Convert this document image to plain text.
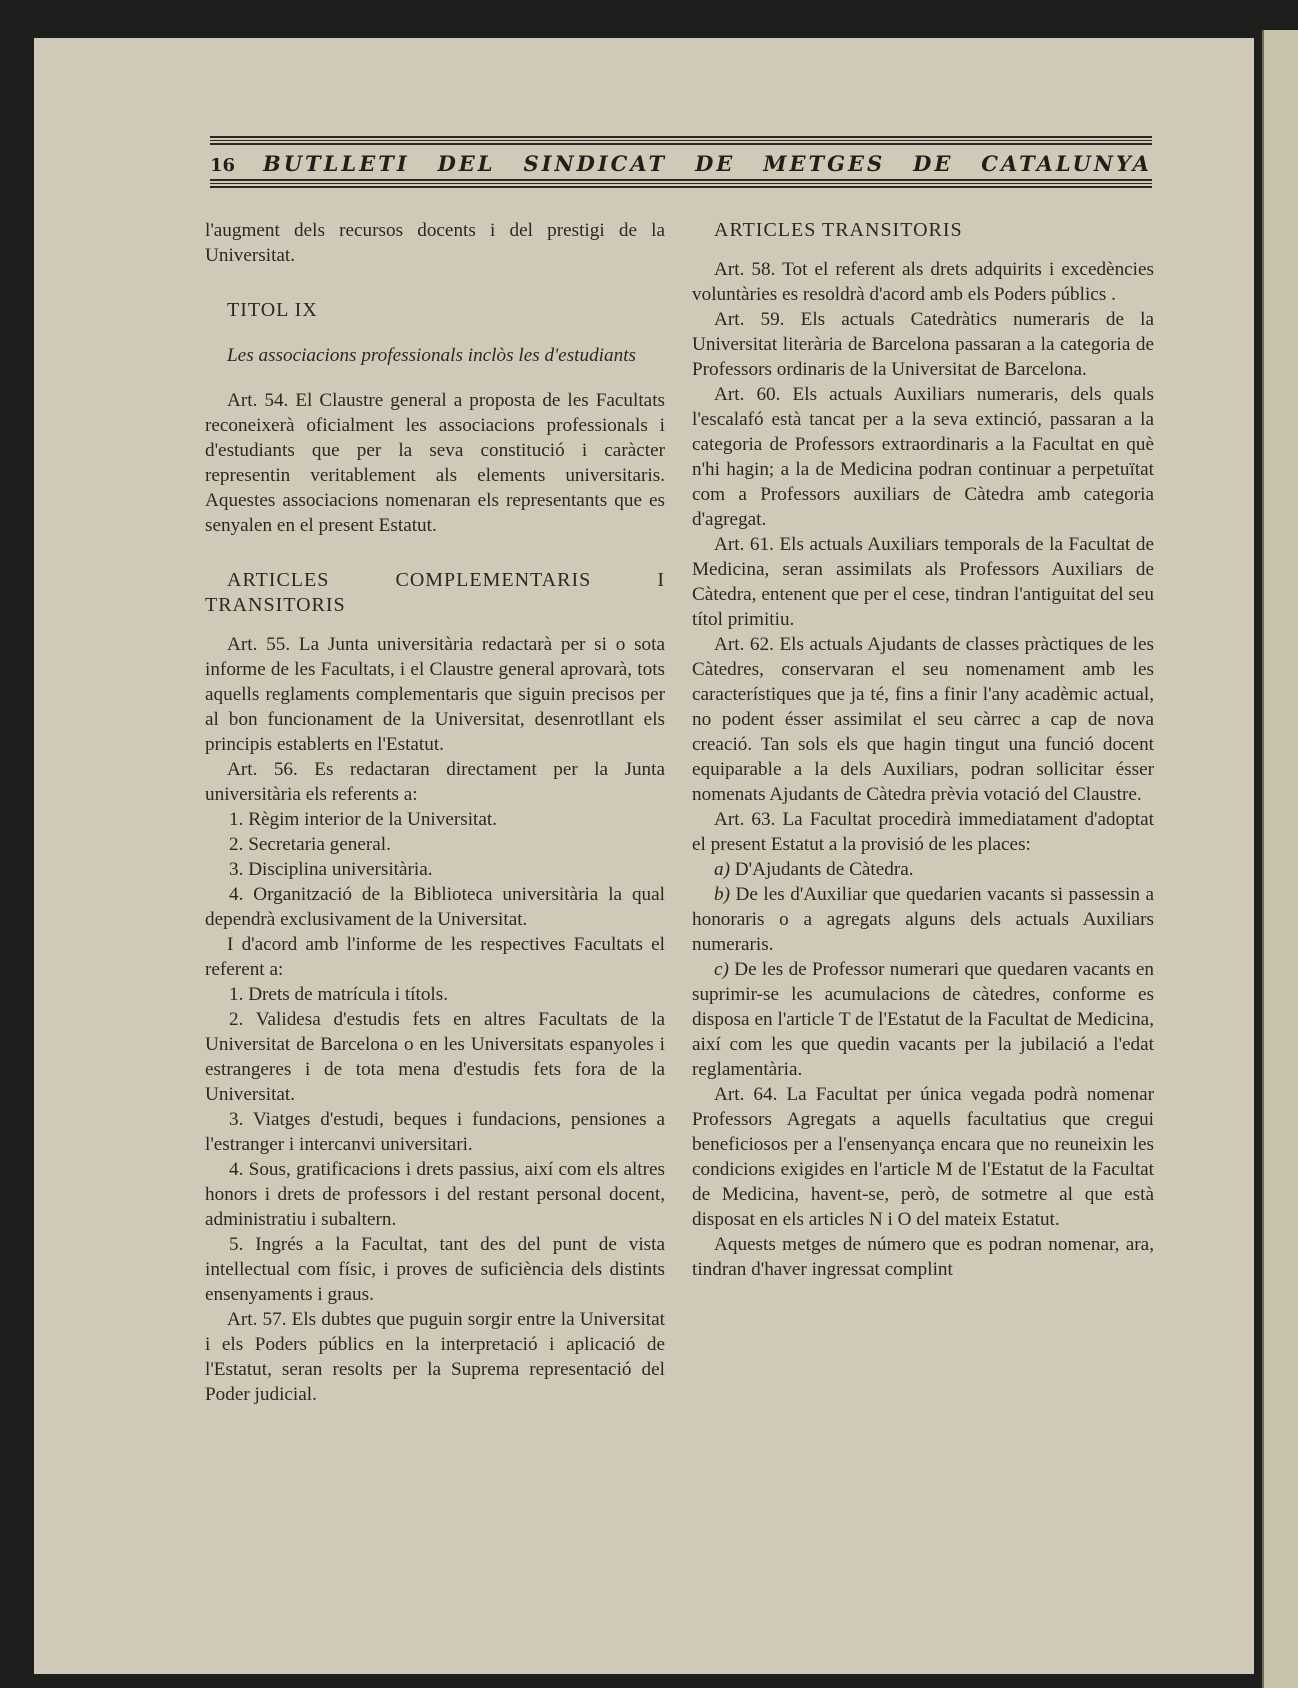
16 BUTLLETI DEL SINDICAT DE METGES DE CATALUNYA

l'augment dels recursos docents i del prestigi de la Universitat.

TITOL IX

Les associacions professionals inclòs les d'estudiants

Art. 54. El Claustre general a proposta de les Facultats reconeixerà oficialment les associacions professionals i d'estudiants que per la seva constitució i caràcter representin veritablement als elements universitaris. Aquestes associacions nomenaran els representants que es senyalen en el present Estatut.

ARTICLES COMPLEMENTARIS I TRANSITORIS

Art. 55. La Junta universitària redactarà per si o sota informe de les Facultats, i el Claustre general aprovarà, tots aquells reglaments complementaris que siguin precisos per al bon funcionament de la Universitat, desenrotllant els principis establerts en l'Estatut.

Art. 56. Es redactaran directament per la Junta universitària els referents a:

1. Règim interior de la Universitat.

2. Secretaria general.

3. Disciplina universitària.

4. Organització de la Biblioteca universitària la qual dependrà exclusivament de la Universitat.

I d'acord amb l'informe de les respectives Facultats el referent a:

1. Drets de matrícula i títols.

2. Validesa d'estudis fets en altres Facultats de la Universitat de Barcelona o en les Universitats espanyoles i estrangeres i de tota mena d'estudis fets fora de la Universitat.

3. Viatges d'estudi, beques i fundacions, pensiones a l'estranger i intercanvi universitari.

4. Sous, gratificacions i drets passius, així com els altres honors i drets de professors i del restant personal docent, administratiu i subaltern.

5. Ingrés a la Facultat, tant des del punt de vista intellectual com físic, i proves de suficiència dels distints ensenyaments i graus.

Art. 57. Els dubtes que puguin sorgir entre la Universitat i els Poders públics en la interpretació i aplicació de l'Estatut, seran resolts per la Suprema representació del Poder judicial.

ARTICLES TRANSITORIS

Art. 58. Tot el referent als drets adquirits i excedències voluntàries es resoldrà d'acord amb els Poders públics .

Art. 59. Els actuals Catedràtics numeraris de la Universitat literària de Barcelona passaran a la categoria de Professors ordinaris de la Universitat de Barcelona.

Art. 60. Els actuals Auxiliars numeraris, dels quals l'escalafó està tancat per a la seva extinció, passaran a la categoria de Professors extraordinaris a la Facultat en què n'hi hagin; a la de Medicina podran continuar a perpetuïtat com a Professors auxiliars de Càtedra amb categoria d'agregat.

Art. 61. Els actuals Auxiliars temporals de la Facultat de Medicina, seran assimilats als Professors Auxiliars de Càtedra, entenent que per el cese, tindran l'antiguitat del seu títol primitiu.

Art. 62. Els actuals Ajudants de classes pràctiques de les Càtedres, conservaran el seu nomenament amb les característiques que ja té, fins a finir l'any acadèmic actual, no podent ésser assimilat el seu càrrec a cap de nova creació. Tan sols els que hagin tingut una funció docent equiparable a la dels Auxiliars, podran sollicitar ésser nomenats Ajudants de Càtedra prèvia votació del Claustre.

Art. 63. La Facultat procedirà immediatament d'adoptat el present Estatut a la provisió de les places:

a) D'Ajudants de Càtedra.

b) De les d'Auxiliar que quedarien vacants si passessin a honoraris o a agregats alguns dels actuals Auxiliars numeraris.

c) De les de Professor numerari que quedaren vacants en suprimir-se les acumulacions de càtedres, conforme es disposa en l'article T de l'Estatut de la Facultat de Medicina, així com les que quedin vacants per la jubilació a l'edat reglamentària.

Art. 64. La Facultat per única vegada podrà nomenar Professors Agregats a aquells facultatius que cregui beneficiosos per a l'ensenyança encara que no reuneixin les condicions exigides en l'article M de l'Estatut de la Facultat de Medicina, havent-se, però, de sotmetre al que està disposat en els articles N i O del mateix Estatut.

Aquests metges de número que es podran nomenar, ara, tindran d'haver ingressat complint
